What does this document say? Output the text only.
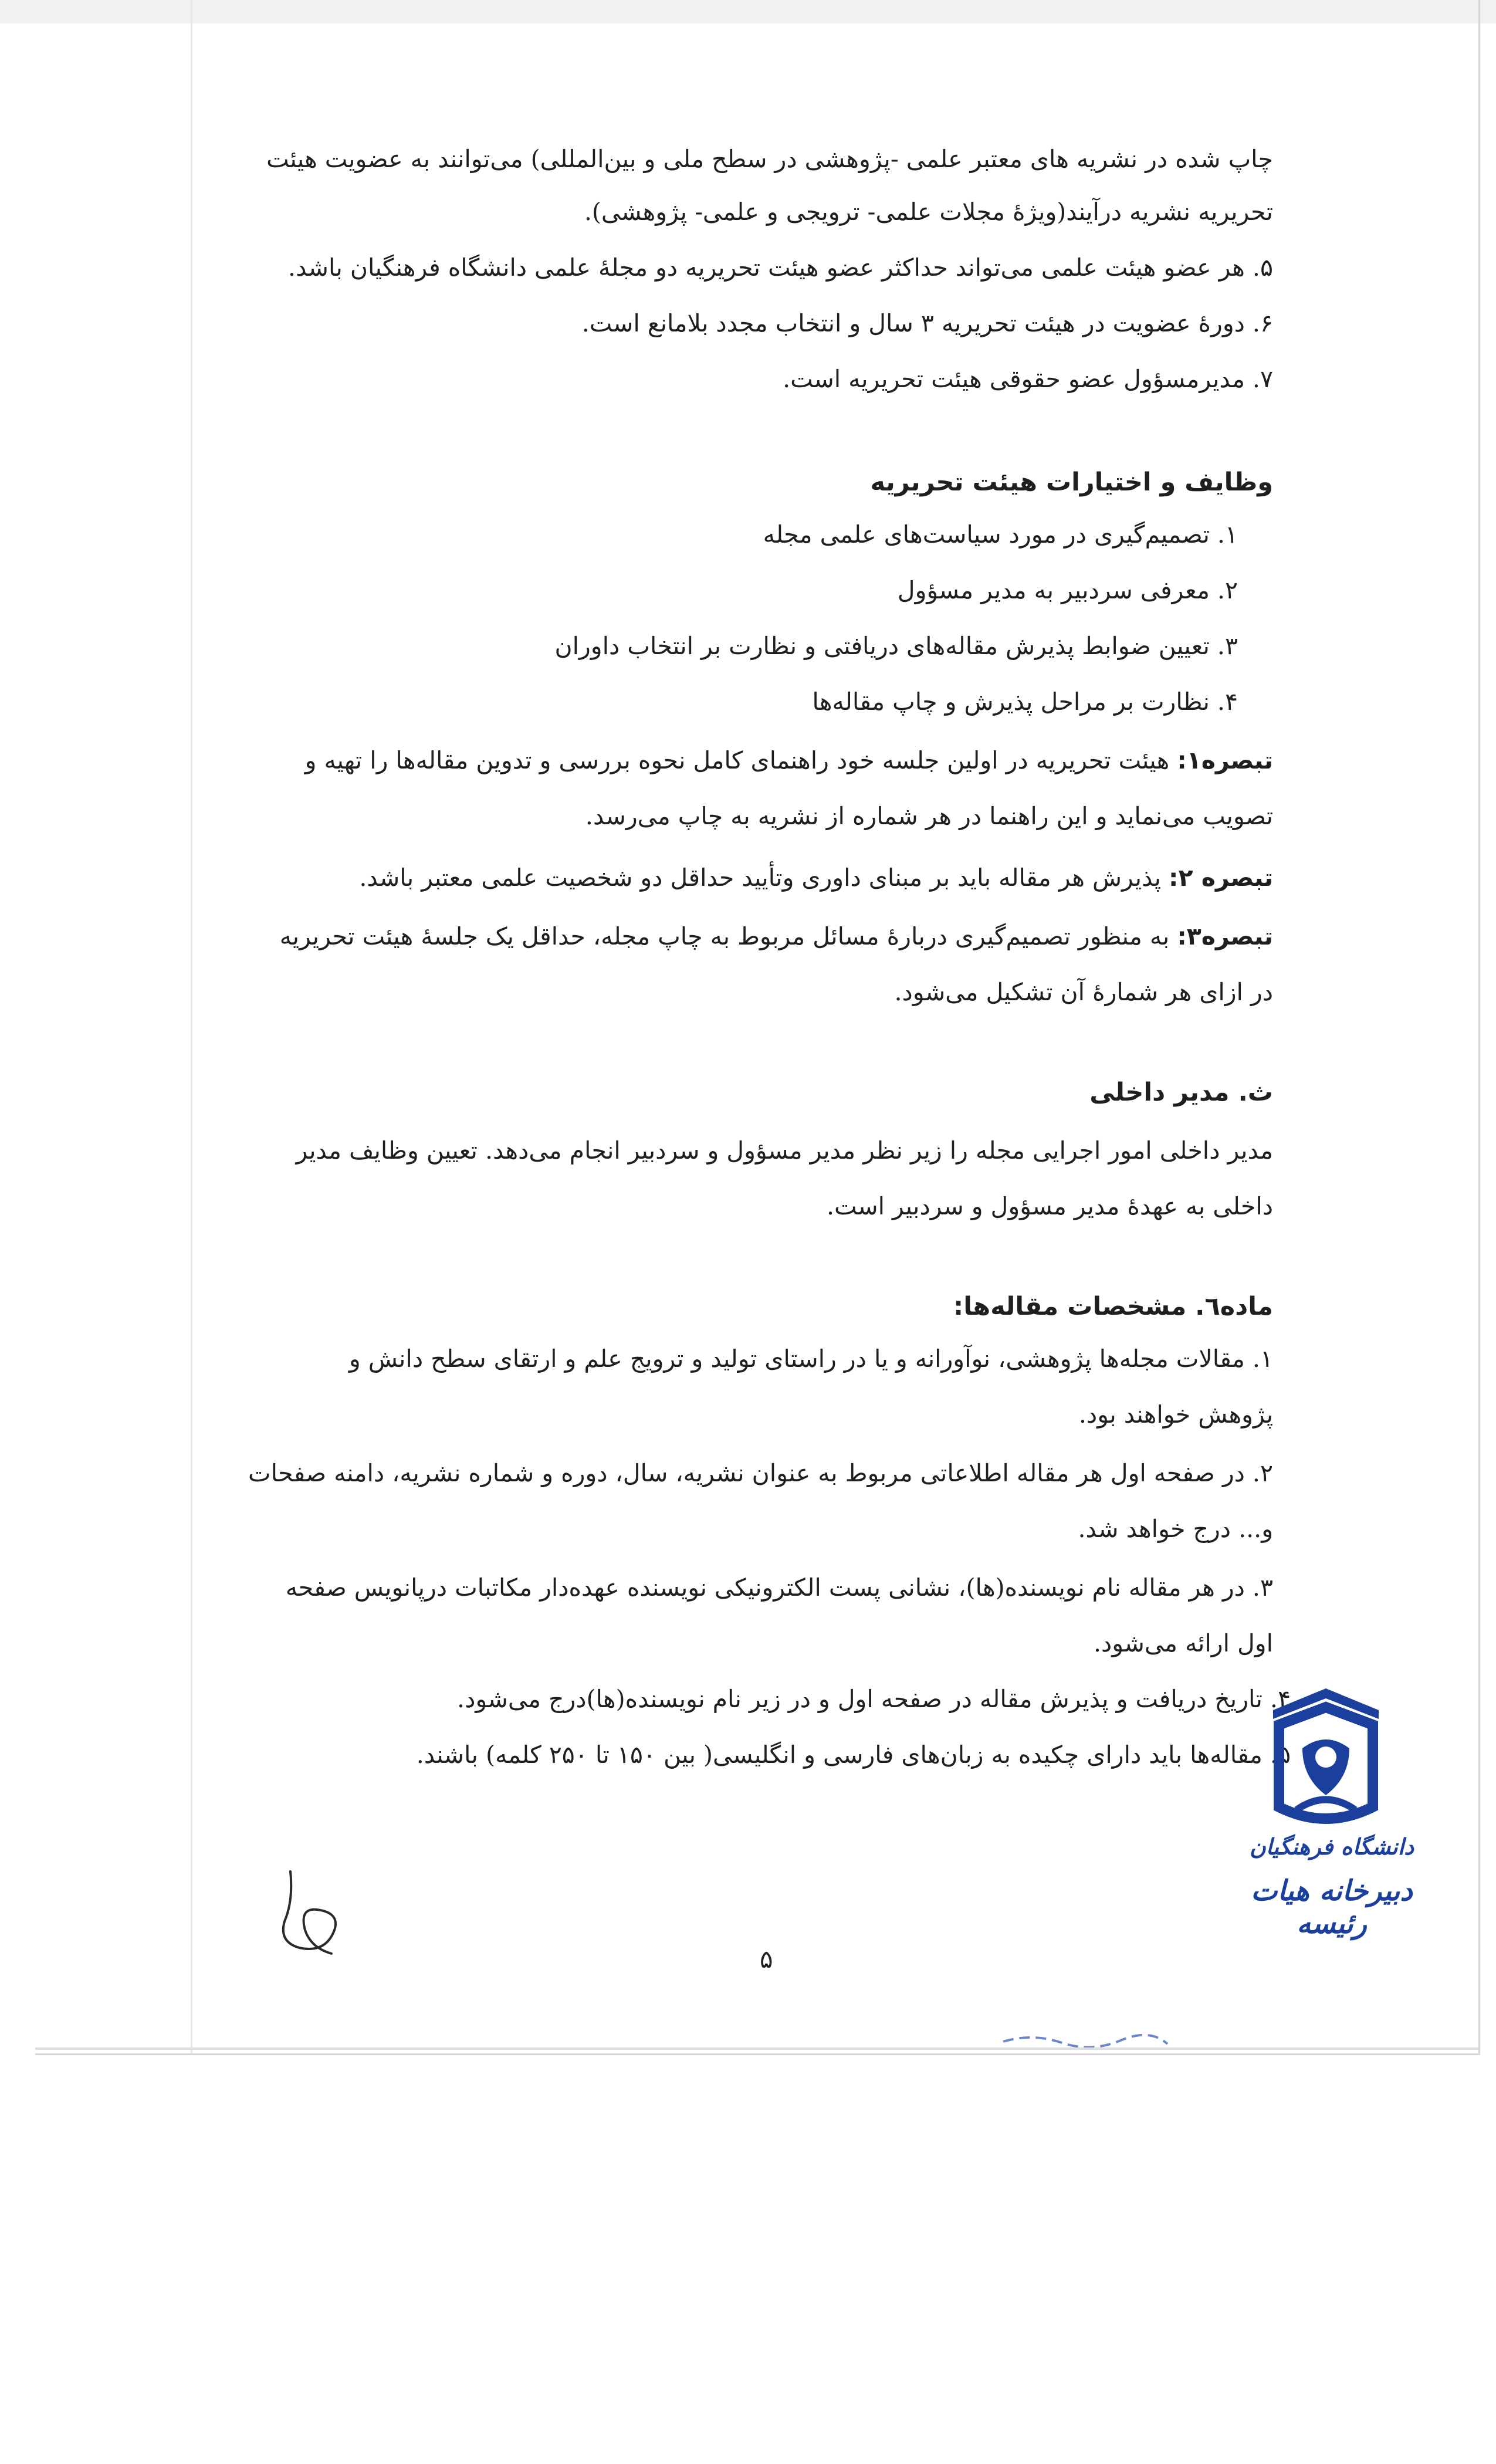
چاپ شده در نشریه های معتبر علمی -پژوهشی در سطح ملی و بین‌المللی) می‌توانند به عضویت هیئت
تحریریه نشریه درآیند(ویژهٔ مجلات علمی- ترویجی و علمی- پژوهشی).
۵. هر عضو هیئت علمی می‌تواند حداکثر عضو هیئت تحریریه دو مجلهٔ علمی دانشگاه فرهنگیان باشد.
۶. دورهٔ عضویت در هیئت تحریریه ۳ سال و انتخاب مجدد بلامانع است.
۷. مدیرمسؤول عضو حقوقی هیئت تحریریه است.
وظایف و اختیارات هیئت تحریریه
۱. تصمیم‌گیری در مورد سیاست‌های علمی مجله
۲. معرفی سردبیر به مدیر مسؤول
۳. تعیین ضوابط پذیرش مقاله‌های دریافتی و نظارت بر انتخاب داوران
۴. نظارت بر مراحل پذیرش و چاپ مقاله‌ها
تبصره۱: هیئت تحریریه در اولین جلسه خود راهنمای کامل نحوه بررسی و تدوین مقاله‌ها را تهیه و
تصویب می‌نماید و این راهنما در هر شماره از نشریه به چاپ می‌رسد.
تبصره ۲: پذیرش هر مقاله باید بر مبنای داوری وتأیید حداقل دو شخصیت علمی معتبر باشد.
تبصره۳: به منظور تصمیم‌گیری دربارهٔ مسائل مربوط به چاپ مجله، حداقل یک جلسهٔ هیئت تحریریه
در ازای هر شمارهٔ آن تشکیل می‌شود.
ث. مدیر داخلی
مدیر داخلی امور اجرایی مجله را زیر نظر مدیر مسؤول و سردبیر انجام می‌دهد. تعیین وظایف مدیر
داخلی به عهدهٔ مدیر مسؤول و سردبیر است.
ماده٦. مشخصات مقاله‌ها:
۱. مقالات مجله‌ها پژوهشی، نوآورانه و یا در راستای تولید و ترویج علم و ارتقای سطح دانش و
پژوهش خواهند بود.
۲. در صفحه اول هر مقاله اطلاعاتی مربوط به عنوان نشریه، سال، دوره و شماره نشریه، دامنه صفحات
و... درج خواهد شد.
۳. در هر مقاله نام نویسنده(ها)، نشانی پست الکترونیکی نویسنده عهده‌دار مکاتبات درپانویس صفحه
اول ارائه می‌شود.
۴. تاریخ دریافت و پذیرش مقاله در صفحه اول و در زیر نام نویسنده(ها)درج می‌شود.
۵. مقاله‌ها باید دارای چکیده به زبان‌های فارسی و انگلیسی( بین ۱۵۰ تا ۲۵۰ کلمه) باشند.
دانشگاه فرهنگیان
دبیرخانه هیات رئیسه
۵
